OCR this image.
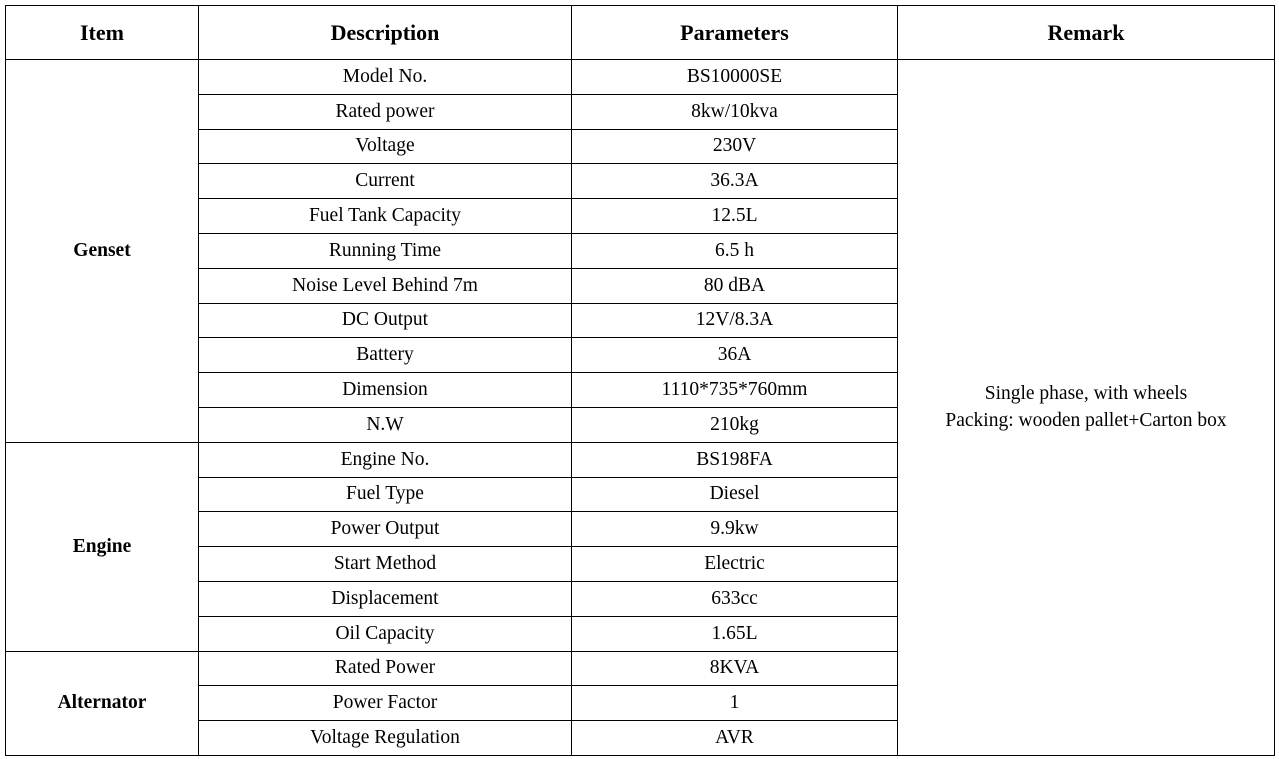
Item	Description	Parameters	Remark
Genset	Model No.	BS10000SE	Single phase, with wheels
Packing: wooden pallet+Carton box

	Rated power	8kw/10kva	
	Voltage	230V	
	Current	36.3A	
	Fuel Tank Capacity	12.5L	
	Running Time	6.5 h	
	Noise Level Behind 7m	80 dBA	
	DC Output	12V/8.3A	
	Battery	36A	
	Dimension	1110*735*760mm	
	N.W	210kg	
Engine	Engine No.	BS198FA	
	Fuel Type	Diesel	
	Power Output	9.9kw	
	Start Method	Electric	
	Displacement	633cc	
	Oil Capacity	1.65L	
Alternator	Rated Power	8KVA	
	Power Factor	1	
	Voltage Regulation	AVR	
